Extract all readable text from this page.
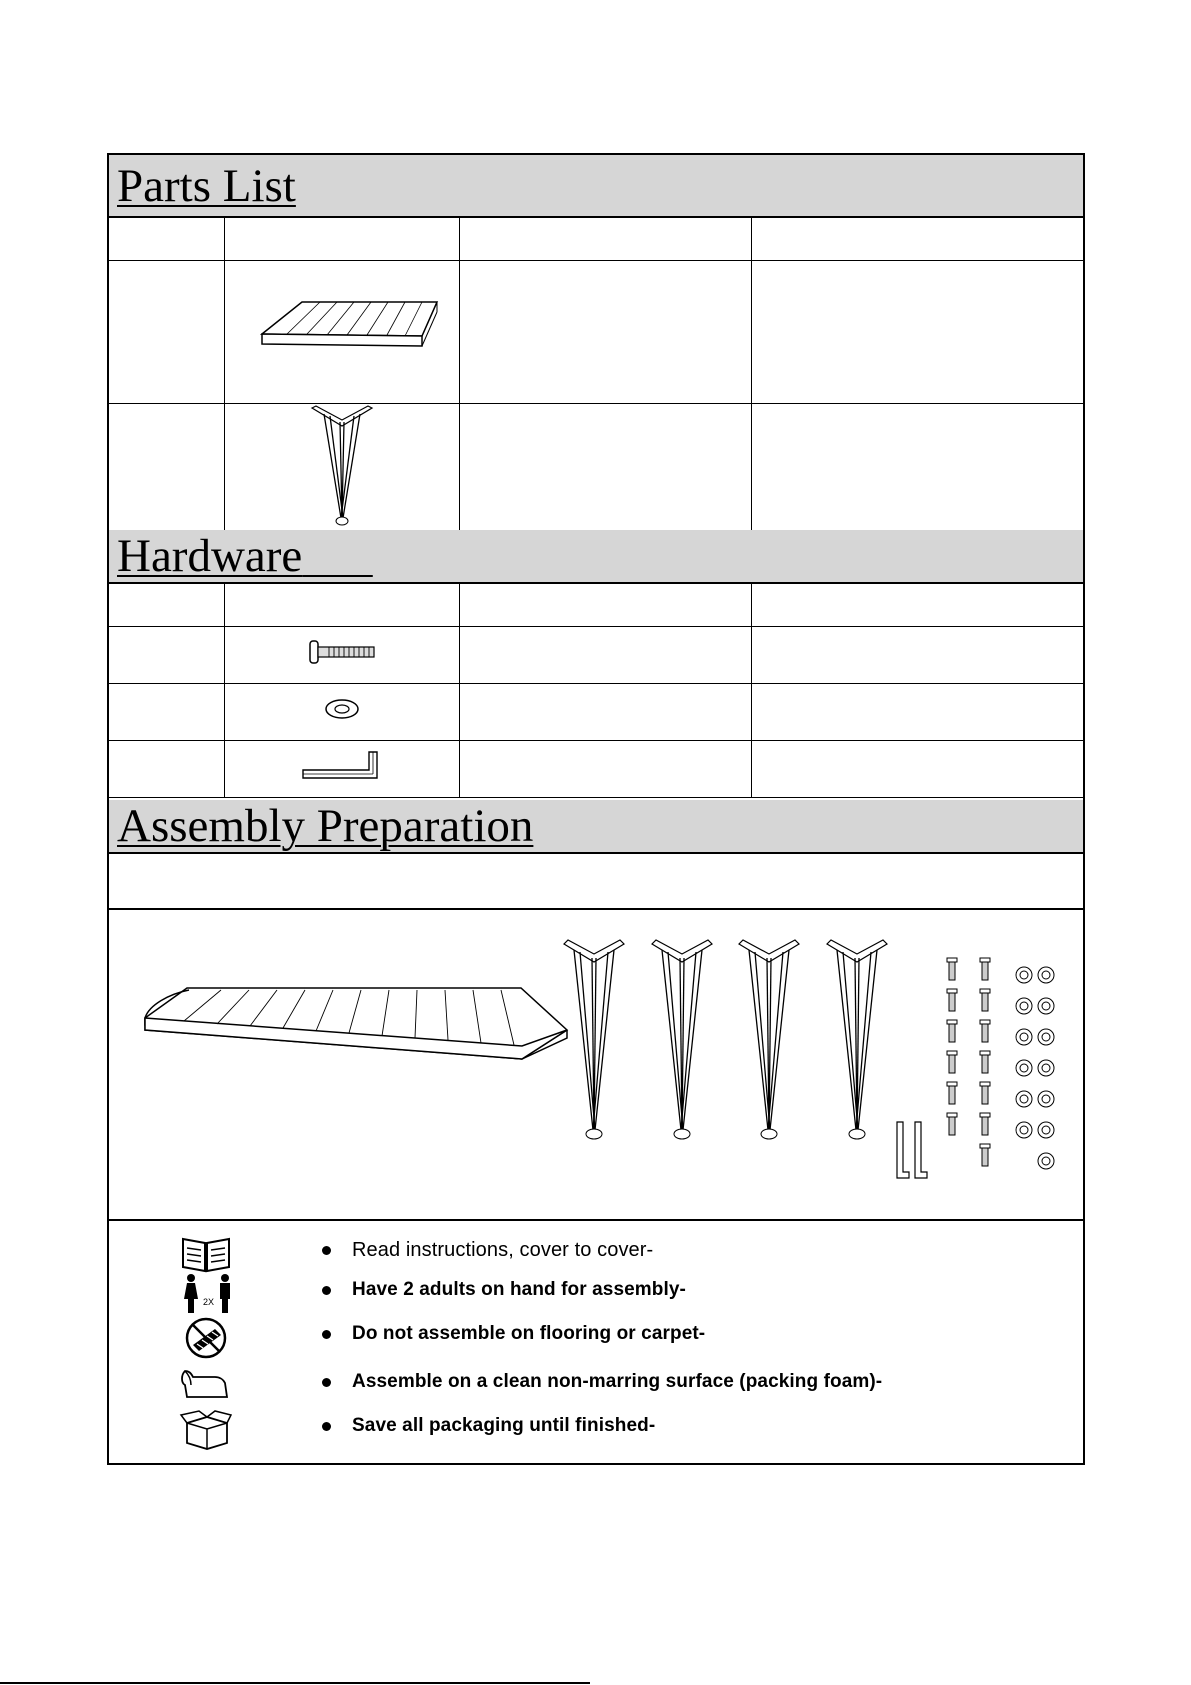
Parts List

Hardware

Assembly Preparation
Read instructions, cover to cover-
2X
Have 2 adults on hand for assembly-
Do not assemble on flooring or carpet-
Assemble on a clean non-marring surface (packing foam)-
Save all packaging until finished-
